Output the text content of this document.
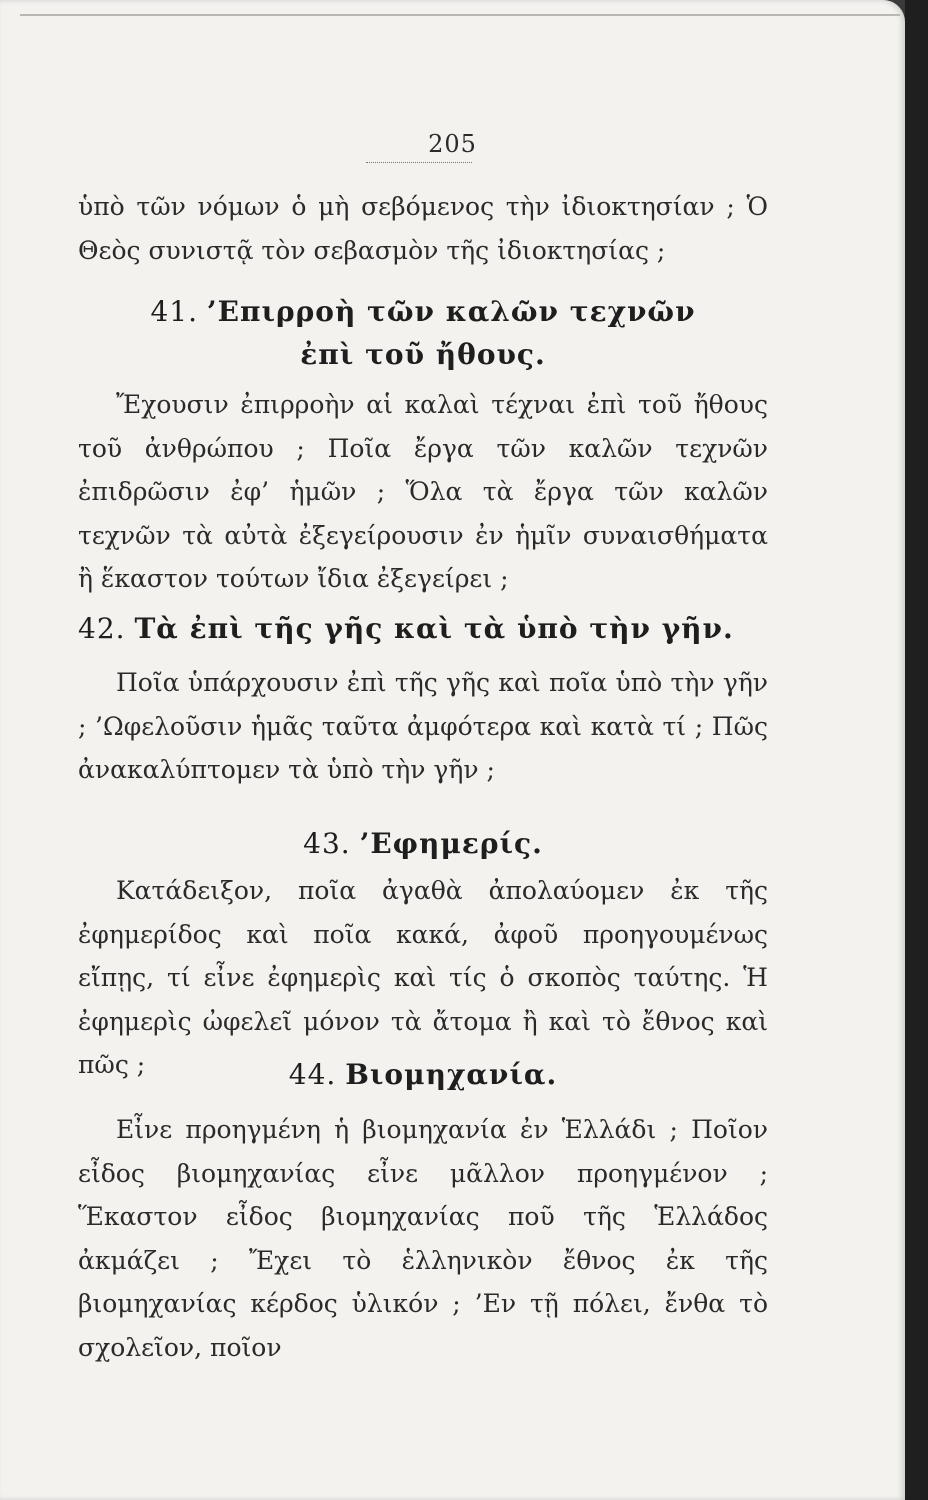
205
ὑπὸ τῶν νόμων ὁ μὴ σεβόμενος τὴν ἰδιοκτησίαν ; Ὁ Θεὸς συνιστᾷ τὸν σεβασμὸν τῆς ἰδιοκτησίας ;
41. ’Επιρροὴ τῶν καλῶν τεχνῶν
ἐπὶ τοῦ ἤθους.
Ἔχουσιν ἐπιρροὴν αἱ καλαὶ τέχναι ἐπὶ τοῦ ἤθους τοῦ ἀνθρώπου ; Ποῖα ἔργα τῶν καλῶν τεχνῶν ἐπιδρῶσιν ἐφ’ ἡμῶν ; Ὅλα τὰ ἔργα τῶν καλῶν τεχνῶν τὰ αὐτὰ ἐξεγείρουσιν ἐν ἡμῖν συναισθήματα ἢ ἕκαστον τούτων ἴδια ἐξεγείρει ;
42. Τὰ ἐπὶ τῆς γῆς καὶ τὰ ὑπὸ τὴν γῆν.
Ποῖα ὑπάρχουσιν ἐπὶ τῆς γῆς καὶ ποῖα ὑπὸ τὴν γῆν ; ’Ωφελοῦσιν ἡμᾶς ταῦτα ἀμφότερα καὶ κατὰ τί ; Πῶς ἀνακαλύπτομεν τὰ ὑπὸ τὴν γῆν ;
43. ’Εφημερίς.
Κατάδειξον, ποῖα ἀγαθὰ ἀπολαύομεν ἐκ τῆς ἐφημερίδος καὶ ποῖα κακά, ἀφοῦ προηγουμένως εἴπῃς, τί εἶνε ἐφημερὶς καὶ τίς ὁ σκοπὸς ταύτης. Ἡ ἐφημερὶς ὠφελεῖ μόνον τὰ ἄτομα ἢ καὶ τὸ ἔθνος καὶ πῶς ;	44. Βιομηχανία.
Εἶνε προηγμένη ἡ βιομηχανία ἐν Ἑλλάδι ; Ποῖον εἶδος βιομηχανίας εἶνε μᾶλλον προηγμένον ; Ἕκαστον εἶδος βιομηχανίας ποῦ τῆς Ἑλλάδος ἀκμάζει ; Ἔχει τὸ ἑλληνικὸν ἔθνος ἐκ τῆς βιομηχανίας κέρδος ὑλικόν ; ’Εν τῇ πόλει, ἔνθα τὸ σχολεῖον, ποῖον
